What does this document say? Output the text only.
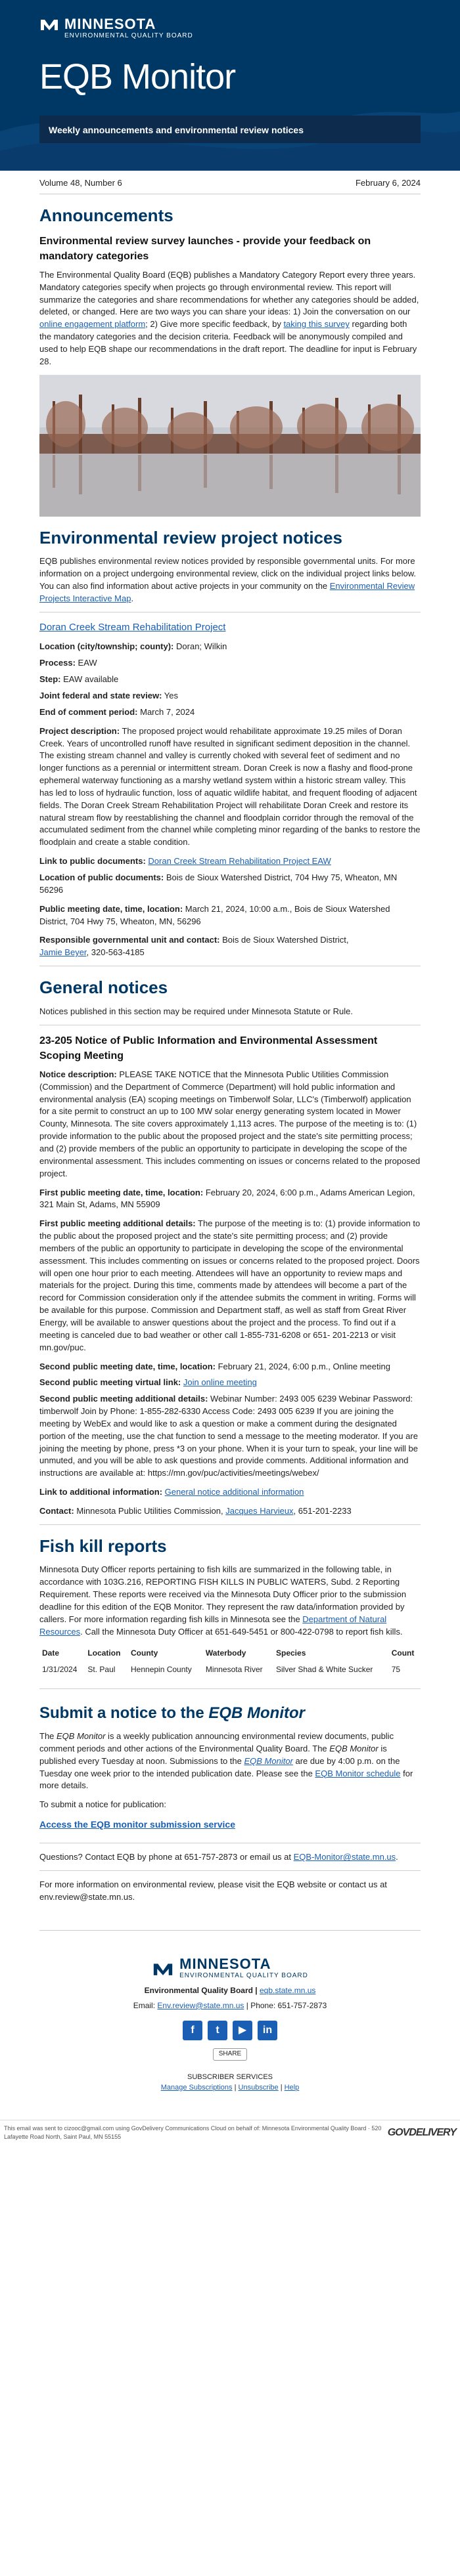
MINNESOTA
ENVIRONMENTAL QUALITY BOARD
EQB Monitor
Weekly announcements and environmental review notices
Volume 48, Number 6	February 6, 2024
Announcements
Environmental review survey launches - provide your feedback on mandatory categories

The Environmental Quality Board (EQB) publishes a Mandatory Category Report every three years. Mandatory categories specify when projects go through environmental review. This report will summarize the categories and share recommendations for whether any categories should be added, deleted, or changed. Here are two ways you can share your ideas: 1) Join the conversation on our online engagement platform; 2) Give more specific feedback, by taking this survey regarding both the mandatory categories and the decision criteria. Feedback will be anonymously compiled and used to help EQB shape our recommendations in the draft report. The deadline for input is February 28.

Environmental review project notices

EQB publishes environmental review notices provided by responsible governmental units. For more information on a project undergoing environmental review, click on the individual project links below. You can also find information about active projects in your community on the Environmental Review Projects Interactive Map.

Doran Creek Stream Rehabilitation Project
Location (city/township; county): Doran; Wilkin
Process: EAW
Step: EAW available
Joint federal and state review: Yes
End of comment period: March 7, 2024

Project description: The proposed project would rehabilitate approximate 19.25 miles of Doran Creek. Years of uncontrolled runoff have resulted in significant sediment deposition in the channel. The existing stream channel and valley is currently choked with several feet of sediment and no longer functions as a perennial or intermittent stream. Doran Creek is now a flashy and flood-prone ephemeral waterway functioning as a marshy wetland system within a historic stream valley. This has led to loss of hydraulic function, loss of aquatic wildlife habitat, and frequent flooding of adjacent fields. The Doran Creek Stream Rehabilitation Project will rehabilitate Doran Creek and restore its natural stream flow by reestablishing the channel and floodplain corridor through the removal of the accumulated sediment from the channel while completing minor regarding of the banks to restore the floodplain and create a stable condition.

Link to public documents: Doran Creek Stream Rehabilitation Project EAW

Location of public documents: Bois de Sioux Watershed District, 704 Hwy 75, Wheaton, MN 56296

Public meeting date, time, location: March 21, 2024, 10:00 a.m., Bois de Sioux Watershed District, 704 Hwy 75, Wheaton, MN, 56296

Responsible governmental unit and contact: Bois de Sioux Watershed District,
Jamie Beyer, 320-563-4185

General notices

Notices published in this section may be required under Minnesota Statute or Rule.

23-205 Notice of Public Information and Environmental Assessment Scoping Meeting

Notice description: PLEASE TAKE NOTICE that the Minnesota Public Utilities Commission (Commission) and the Department of Commerce (Department) will hold public information and environmental analysis (EA) scoping meetings on Timberwolf Solar, LLC's (Timberwolf) application for a site permit to construct an up to 100 MW solar energy generating system located in Mower County, Minnesota. The site covers approximately 1,113 acres. The purpose of the meeting is to: (1) provide information to the public about the proposed project and the state's site permitting process; and (2) provide members of the public an opportunity to participate in developing the scope of the environmental assessment. This includes commenting on issues or concerns related to the proposed project.

First public meeting date, time, location: February 20, 2024, 6:00 p.m., Adams American Legion, 321 Main St, Adams, MN 55909

First public meeting additional details: The purpose of the meeting is to: (1) provide information to the public about the proposed project and the state's site permitting process; and (2) provide members of the public an opportunity to participate in developing the scope of the environmental assessment. This includes commenting on issues or concerns related to the proposed project. Doors will open one hour prior to each meeting. Attendees will have an opportunity to review maps and materials for the project. During this time, comments made by attendees will become a part of the record for Commission consideration only if the attendee submits the comment in writing. Forms will be available for this purpose. Commission and Department staff, as well as staff from Great River Energy, will be available to answer questions about the project and the process. To find out if a meeting is canceled due to bad weather or other call 1-855-731-6208 or 651- 201-2213 or visit mn.gov/puc.

Second public meeting date, time, location: February 21, 2024, 6:00 p.m., Online meeting
Second public meeting virtual link: Join online meeting

Second public meeting additional details: Webinar Number: 2493 005 6239 Webinar Password: timberwolf Join by Phone: 1-855-282-6330 Access Code: 2493 005 6239 If you are joining the meeting by WebEx and would like to ask a question or make a comment during the designated portion of the meeting, use the chat function to send a message to the meeting moderator. If you are joining the meeting by phone, press *3 on your phone. When it is your turn to speak, your line will be unmuted, and you will be able to ask questions and provide comments. Additional information and instructions are available at: https://mn.gov/puc/activities/meetings/webex/

Link to additional information: General notice additional information

Contact: Minnesota Public Utilities Commission, Jacques Harvieux, 651-201-2233

Fish kill reports

Minnesota Duty Officer reports pertaining to fish kills are summarized in the following table, in accordance with 103G.216, REPORTING FISH KILLS IN PUBLIC WATERS, Subd. 2 Reporting Requirement. These reports were received via the Minnesota Duty Officer prior to the submission deadline for this edition of the EQB Monitor. They represent the raw data/information provided by callers. For more information regarding fish kills in Minnesota see the Department of Natural Resources. Call the Minnesota Duty Officer at 651-649-5451 or 800-422-0798 to report fish kills.

Date	Location	County	Waterbody	Species	Count
1/31/2024	St. Paul	Hennepin County	Minnesota River	Silver Shad & White Sucker	75
Submit a notice to the EQB Monitor

The EQB Monitor is a weekly publication announcing environmental review documents, public comment periods and other actions of the Environmental Quality Board. The EQB Monitor is published every Tuesday at noon. Submissions to the EQB Monitor are due by 4:00 p.m. on the Tuesday one week prior to the intended publication date. Please see the EQB Monitor schedule for more details.

To submit a notice for publication:

Access the EQB monitor submission service

Questions? Contact EQB by phone at 651-757-2873 or email us at EQB-Monitor@state.mn.us.

For more information on environmental review, please visit the EQB website or contact us at env.review@state.mn.us.

MINNESOTA
ENVIRONMENTAL QUALITY BOARD
Environmental Quality Board | eqb.state.mn.us
Email: Env.review@state.mn.us | Phone: 651-757-2873
f	t	▶	in
SHARE
SUBSCRIBER SERVICES
Manage Subscriptions | Unsubscribe | Help
This email was sent to cizooc@gmail.com using GovDelivery Communications Cloud on behalf of: Minnesota Environmental Quality Board · 520 Lafayette Road North, Saint Paul, MN 55155	GOVDELIVERY
